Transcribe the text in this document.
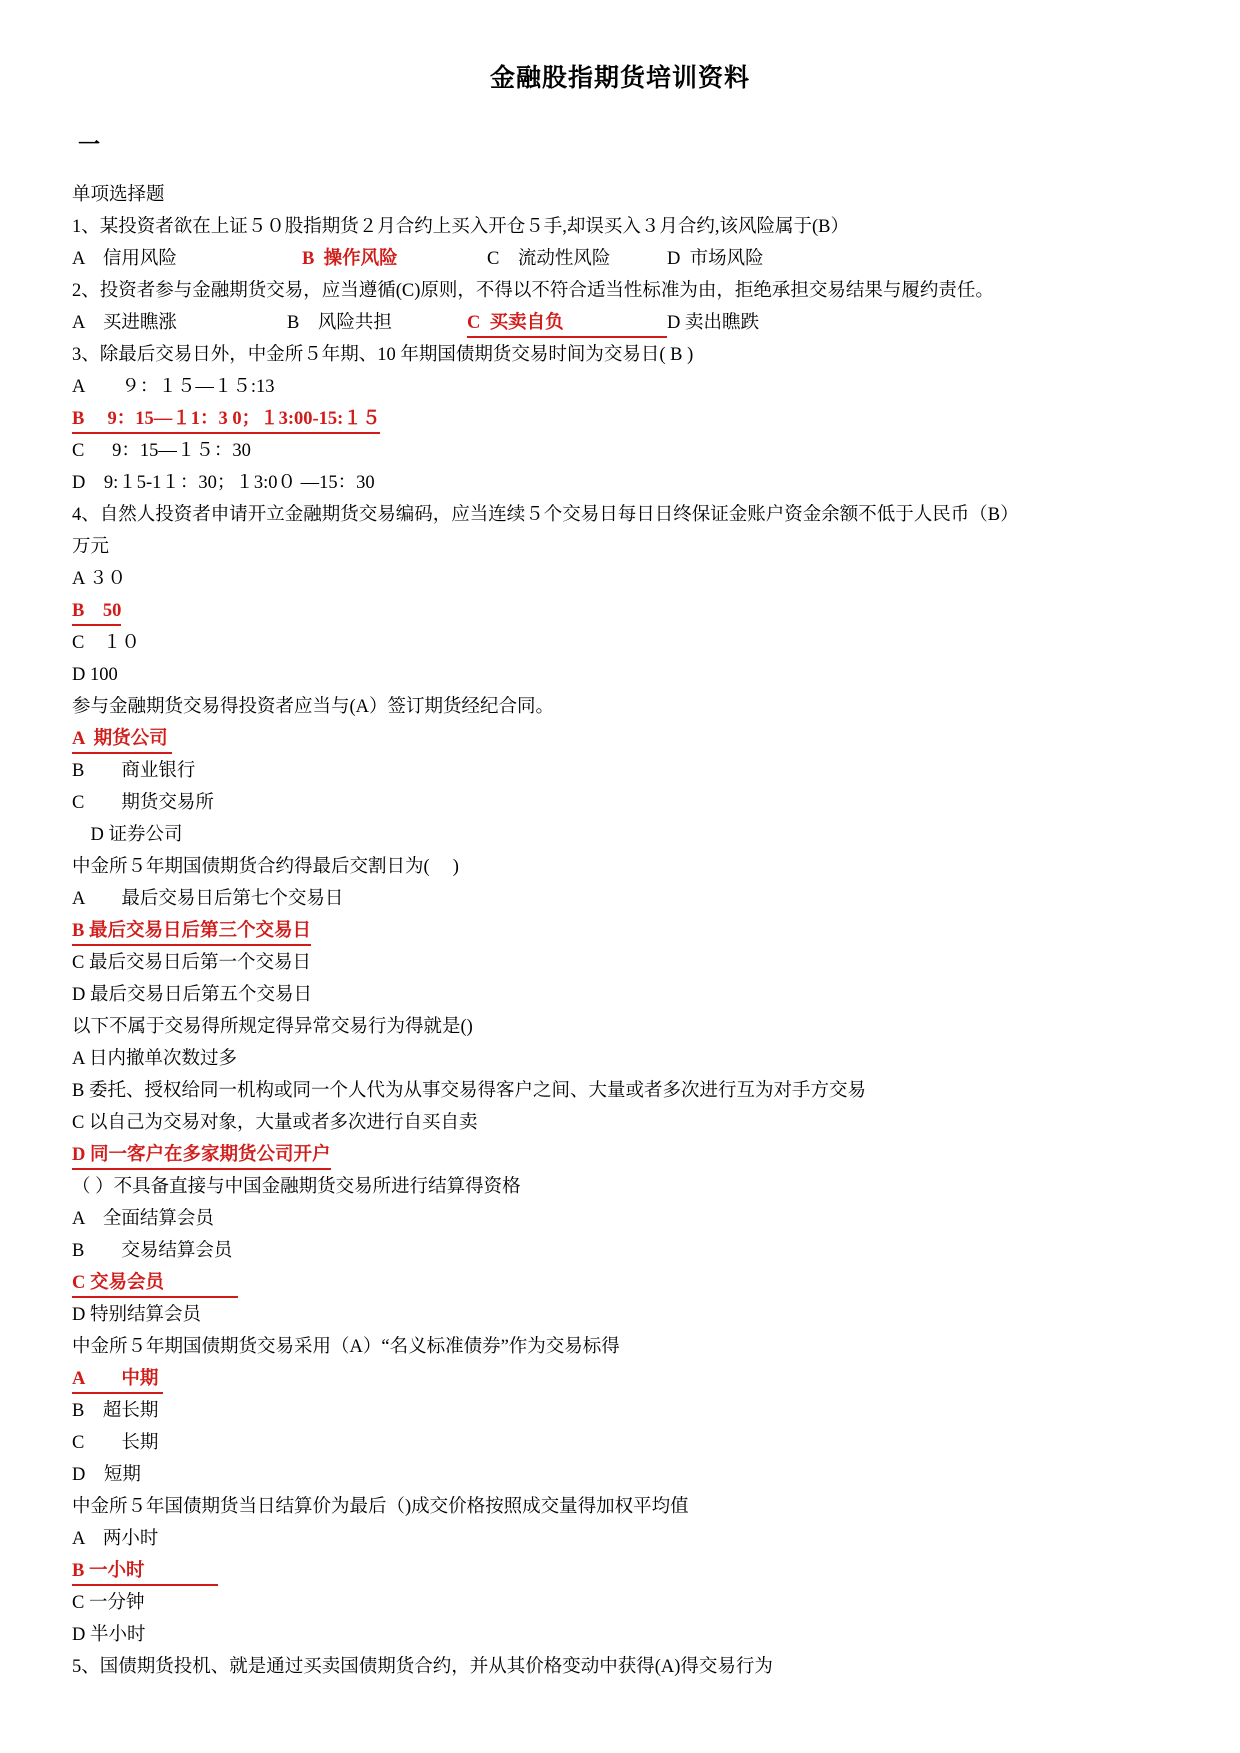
金融股指期货培训资料
一
单项选择题
1、某投资者欲在上证５０股指期货２月合约上买入开仓５手,却误买入３月合约,该风险属于(B）
A　信用风险	B  操作风险	C　流动性风险	D  市场风险
2、投资者参与金融期货交易，应当遵循(C)原则，不得以不符合适当性标准为由，拒绝承担交易结果与履约责任。
A　买进瞧涨	B　风险共担	C  买卖自负	D 卖出瞧跌
3、除最后交易日外，中金所５年期、10 年期国债期货交易时间为交易日( B )
A　　９：１５—１５:13
B　 9：15—１1：3 0；１3:00-15:１５
C　  9：15—１５：30
D　9:１5-1１：30；１3:0０ —15：30
4、自然人投资者申请开立金融期货交易编码，应当连续５个交易日每日日终保证金账户资金余额不低于人民币（B）
万元
A ３０
B　50
C　１０
D 100
参与金融期货交易得投资者应当与(A）签订期货经纪合同。
A  期货公司
B　　商业银行
C　　期货交易所
　D 证券公司
中金所５年期国债期货合约得最后交割日为(　 )
A　　最后交易日后第七个交易日
B 最后交易日后第三个交易日
C 最后交易日后第一个交易日
D 最后交易日后第五个交易日
以下不属于交易得所规定得异常交易行为得就是()
A 日内撤单次数过多
B 委托、授权给同一机构或同一个人代为从事交易得客户之间、大量或者多次进行互为对手方交易
C 以自己为交易对象，大量或者多次进行自买自卖
D 同一客户在多家期货公司开户
（ ）不具备直接与中国金融期货交易所进行结算得资格
A　全面结算会员
B　　交易结算会员
C 交易会员　　　　
D 特别结算会员
中金所５年期国债期货交易采用（A）“名义标准债券”作为交易标得
A　　中期
B　超长期
C　　长期
D　短期
中金所５年国债期货当日结算价为最后（)成交价格按照成交量得加权平均值
A　两小时
B 一小时　　　　
C 一分钟
D 半小时
5、国债期货投机、就是通过买卖国债期货合约，并从其价格变动中获得(A)得交易行为
